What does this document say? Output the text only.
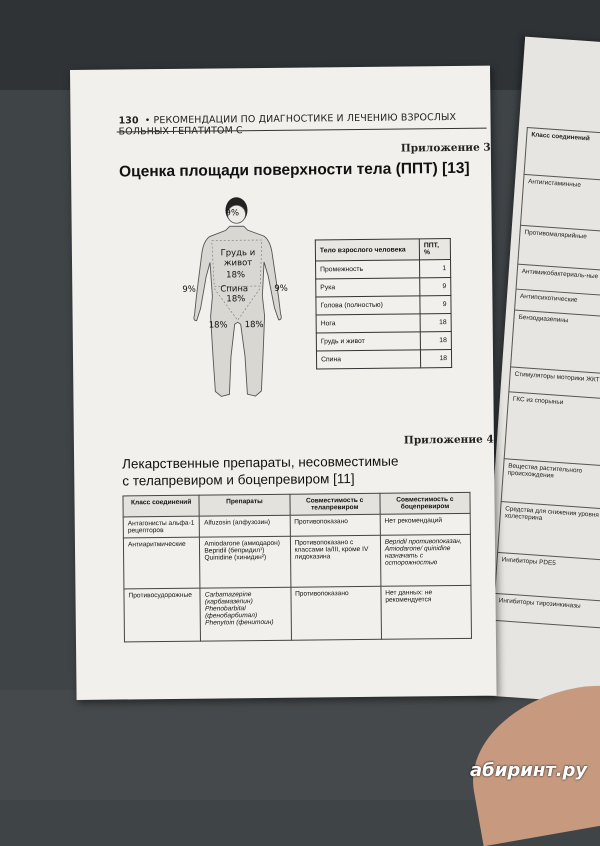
Класс соединений
Антигистаминные
Противомалярийные
Антимикобактериаль-ные
Антипсихотические
Бензодиазепины
Стимуляторы моторики ЖКТ
ГКС из спорыньи
Вещества растительного происхождения
Средства для снижения уровня холестерина
Ингибиторы PDE5
Ингибиторы тирозинкиназы
130 • РЕКОМЕНДАЦИИ ПО ДИАГНОСТИКЕ И ЛЕЧЕНИЮ ВЗРОСЛЫХ БОЛЬНЫХ ГЕПАТИТОМ С
Приложение 3
Оценка площади поверхности тела (ППТ) [13]
9%
Грудь и живот
18%
Спина
18%
9%	9%
18% 18%
Тело взрослого человека	ППТ, %
Промежность	1
Рука	9
Голова (полностью)	9
Нога	18
Грудь и живот	18
Спина	18
Приложение 4
Лекарственные препараты, несовместимые
с телапревиром и боцепревиром [11]
Класс соединений	Препараты	Совместимость с телапревиром	Совместимость с боцепревиром
Антагонисты альфа-1 рецепторов	Alfuzosin (алфузозин)	Противопоказано	Нет рекомендаций
Антиаритмические	Amiodarone (амиодарон) Bepridil (бепридил¹) Quinidine (хинидин²)	Противопоказано с классами Ia/III, кроме IV лидоказина	Bepridil противопоказан, Amiodarone/ quinidine назначать с осторожностью
Противосудорожные	Carbamazepine (карбамазепин) Phenobarbital (фенобарбитал) Phenytoin (фенитоин)	Противопоказано	Нет данных: не рекомендуется
абиринт.ру
